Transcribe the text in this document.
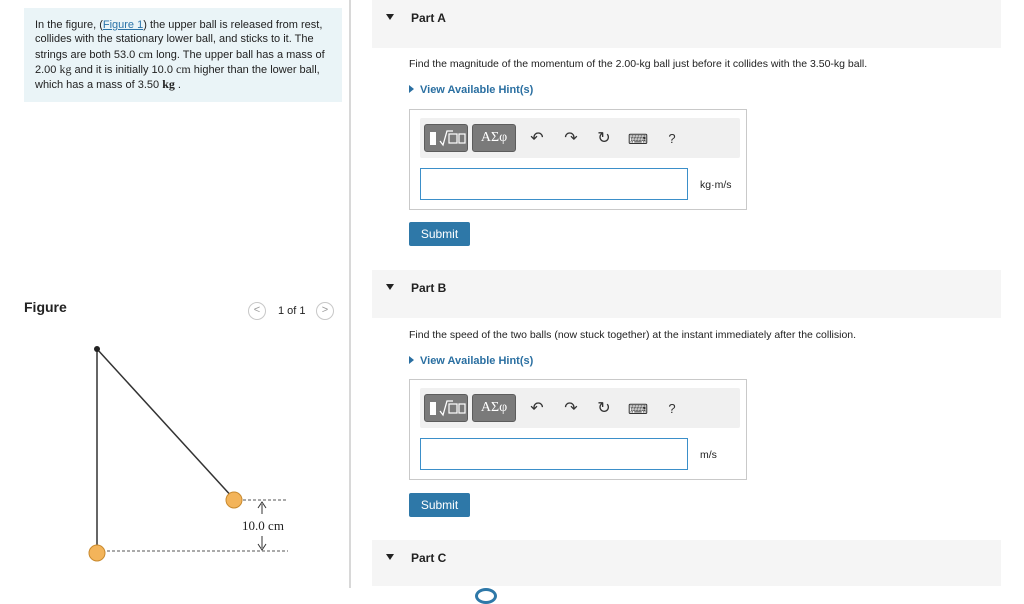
In the figure, (Figure 1) the upper ball is released from rest, collides with the stationary lower ball, and sticks to it. The strings are both 53.0 cm long. The upper ball has a mass of 2.00 kg and it is initially 10.0 cm higher than the lower ball, which has a mass of 3.50 kg .
Figure	<	1 of 1	>
10.0 cm
Part A
Find the magnitude of the momentum of the 2.00-kg ball just before it collides with the 3.50-kg ball.
View Available Hint(s)
ΑΣφ	↶ ↷ ↻	⌨	?
kg·m/s
Submit
Part B
Find the speed of the two balls (now stuck together) at the instant immediately after the collision.
View Available Hint(s)
ΑΣφ	↶ ↷ ↻	⌨	?
m/s
Submit
Part C
